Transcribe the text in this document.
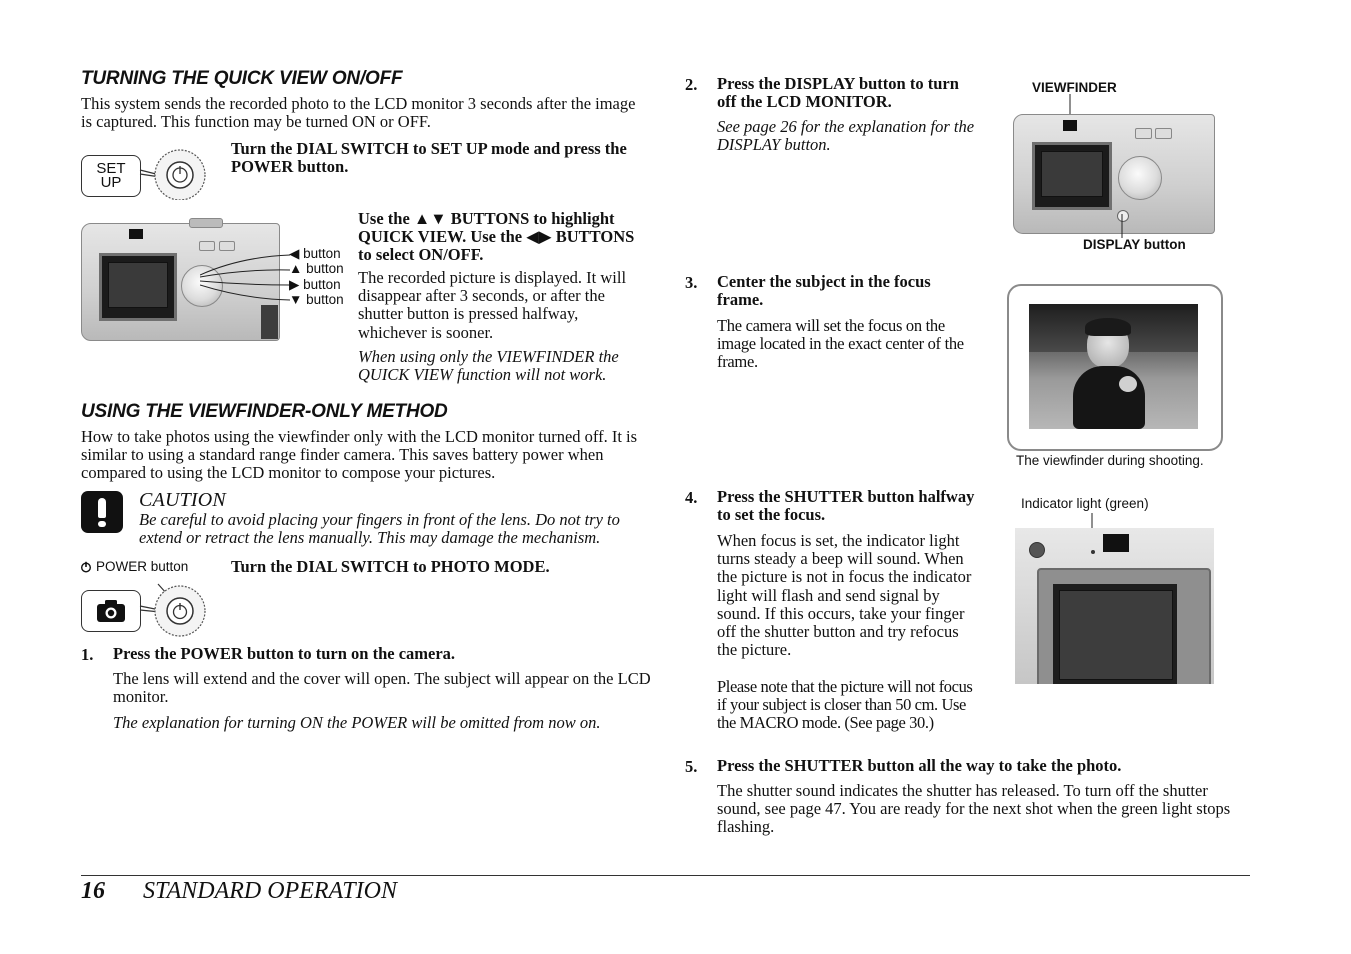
TURNING THE QUICK VIEW ON/OFF
This system sends the recorded photo to the LCD monitor 3 seconds after the image is captured. This function may be turned ON or OFF.
SET UP
Turn the DIAL SWITCH to SET UP mode and press the POWER button.
◀ button
▲ button
▶ button
▼ button
Use the ▲▼ BUTTONS to highlight QUICK VIEW. Use the ◀▶ BUTTONS to select ON/OFF.
The recorded picture is displayed. It will disappear after 3 seconds, or after the shutter button is pressed halfway, whichever is sooner.
When using only the VIEWFINDER the QUICK VIEW function will not work.
USING THE VIEWFINDER-ONLY METHOD
How to take photos using the viewfinder only with the LCD monitor turned off. It is similar to using a standard range finder camera. This saves battery power when compared to using the LCD monitor to compose your pictures.
CAUTION
Be careful to avoid placing your fingers in front of the lens. Do not try to extend or retract the lens manually. This may damage the mechanism.
POWER button	Turn the DIAL SWITCH to PHOTO MODE.
1. Press the POWER button to turn on the camera.
The lens will extend and the cover will open. The subject will appear on the LCD monitor.
The explanation for turning ON the POWER will be omitted from now on.
2. Press the DISPLAY button to turn off the LCD MONITOR.
See page 26 for the explanation for the DISPLAY button.
VIEWFINDER
DISPLAY button
3. Center the subject in the focus frame.
The camera will set the focus on the image located in the exact center of the frame.
The viewfinder during shooting.
4. Press the SHUTTER button halfway to set the focus.
When focus is set, the indicator light turns steady a beep will sound. When the picture is not in focus the indicator light will flash and send signal by sound. If this occurs, take your finger off the shutter button and try refocus the picture.
Please note that the picture will not focus if your subject is closer than 50 cm. Use the MACRO mode. (See page 30.)
Indicator light (green)
5. Press the SHUTTER button all the way to take the photo.
The shutter sound indicates the shutter has released. To turn off the shutter sound, see page 47. You are ready for the next shot when the green light stops flashing.
16 STANDARD OPERATION
